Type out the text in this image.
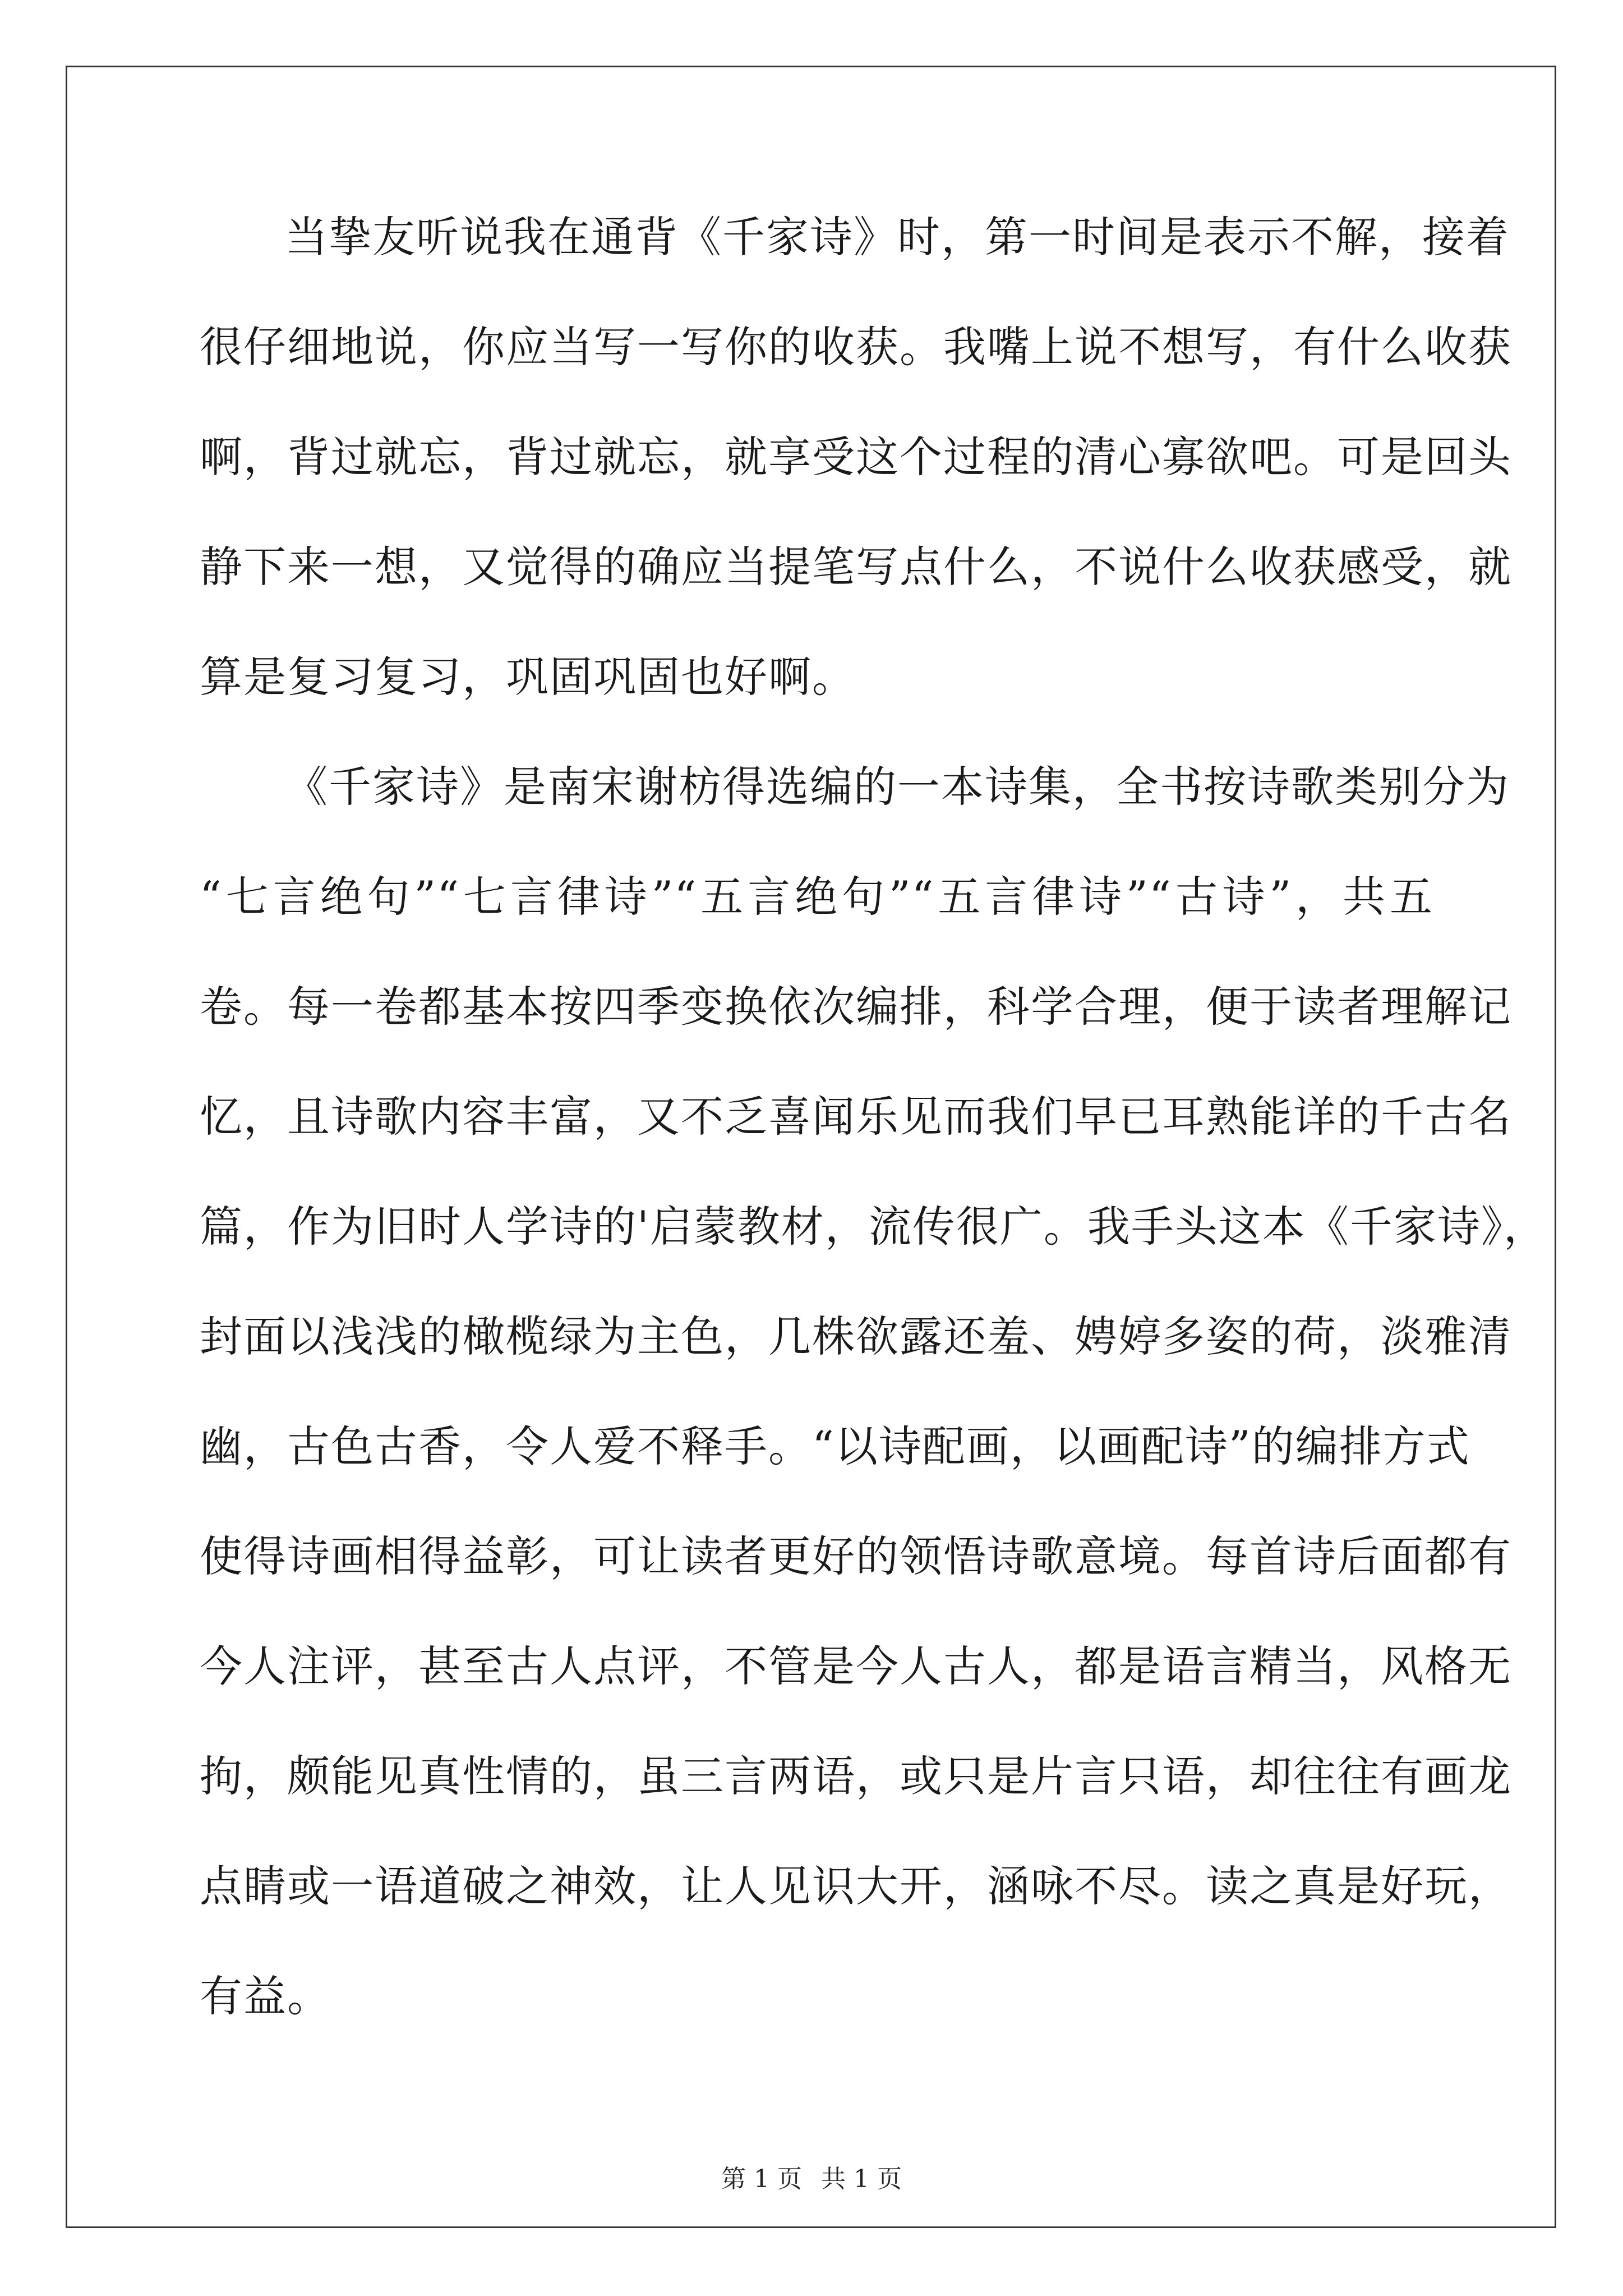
当挚友听说我在通背《千家诗》时，第一时间是表示不解，接着
很仔细地说，你应当写一写你的收获。我嘴上说不想写，有什么收获
啊，背过就忘，背过就忘，就享受这个过程的清心寡欲吧。可是回头
静下来一想，又觉得的确应当提笔写点什么，不说什么收获感受，就
算是复习复习，巩固巩固也好啊。
《千家诗》是南宋谢枋得选编的一本诗集，全书按诗歌类别分为
“七言绝句”“七言律诗”“五言绝句”“五言律诗”“古诗”，共五
卷。每一卷都基本按四季变换依次编排，科学合理，便于读者理解记
忆，且诗歌内容丰富，又不乏喜闻乐见而我们早已耳熟能详的千古名
篇，作为旧时人学诗的'启蒙教材，流传很广。我手头这本《千家诗》，
封面以浅浅的橄榄绿为主色，几株欲露还羞、娉婷多姿的荷，淡雅清
幽，古色古香，令人爱不释手。“以诗配画，以画配诗”的编排方式
使得诗画相得益彰，可让读者更好的领悟诗歌意境。每首诗后面都有
今人注评，甚至古人点评，不管是今人古人，都是语言精当，风格无
拘，颇能见真性情的，虽三言两语，或只是片言只语，却往往有画龙
点睛或一语道破之神效，让人见识大开，涵咏不尽。读之真是好玩，
有益。
第 1 页 共 1 页
